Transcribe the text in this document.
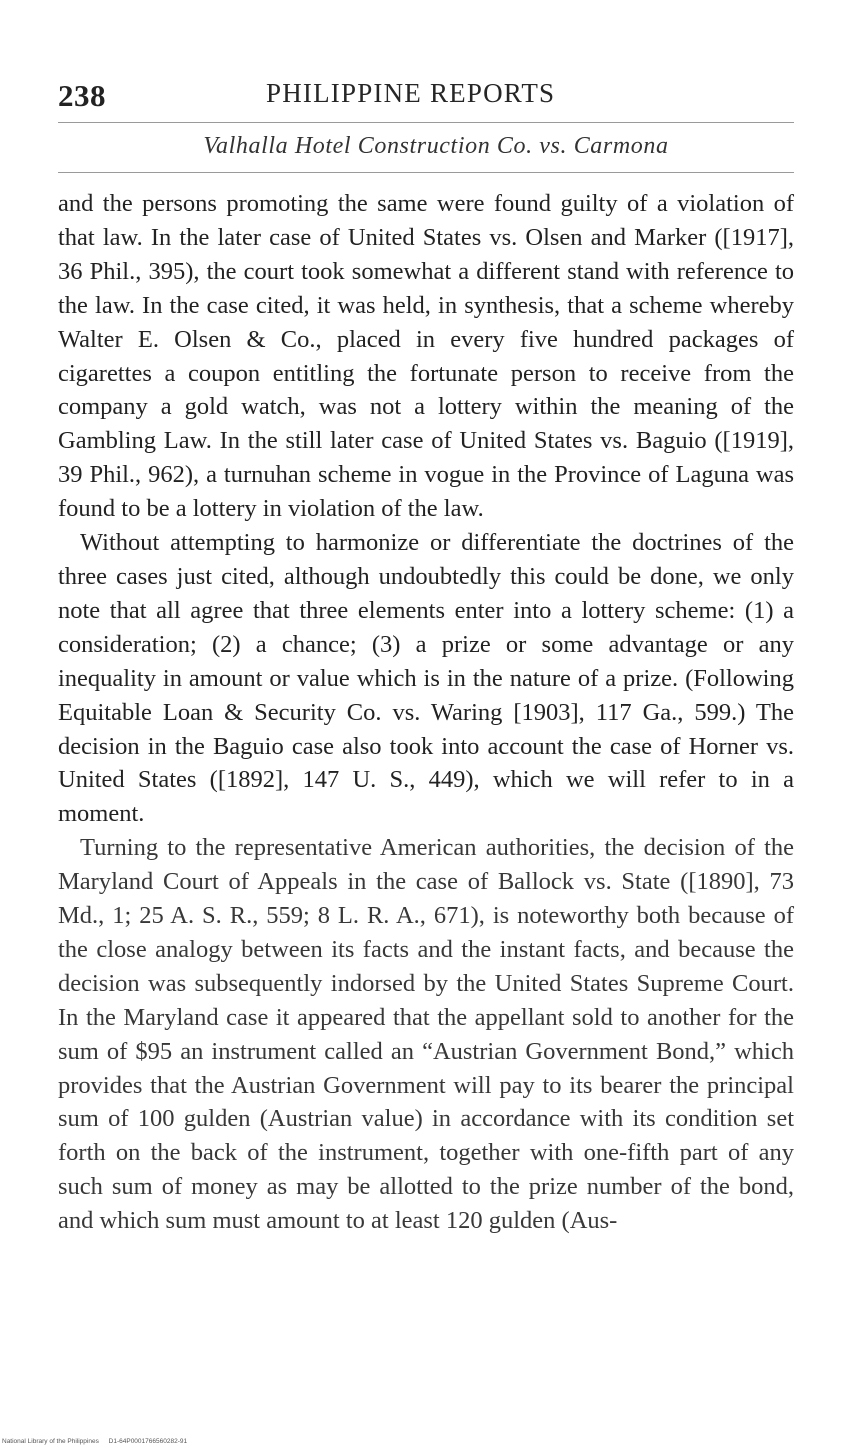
238	PHILIPPINE REPORTS
Valhalla Hotel Construction Co. vs. Carmona

and the persons promoting the same were found guilty of a violation of that law. In the later case of United States vs. Olsen and Marker ([1917], 36 Phil., 395), the court took somewhat a different stand with reference to the law. In the case cited, it was held, in synthesis, that a scheme whereby Walter E. Olsen & Co., placed in every five hundred packages of cigarettes a coupon entitling the fortunate person to receive from the company a gold watch, was not a lottery within the meaning of the Gambling Law. In the still later case of United States vs. Baguio ([1919], 39 Phil., 962), a turnuhan scheme in vogue in the Province of Laguna was found to be a lottery in violation of the law.

Without attempting to harmonize or differentiate the doctrines of the three cases just cited, although undoubtedly this could be done, we only note that all agree that three elements enter into a lottery scheme: (1) a consideration; (2) a chance; (3) a prize or some advantage or any inequality in amount or value which is in the nature of a prize. (Following Equitable Loan & Security Co. vs. Waring [1903], 117 Ga., 599.) The decision in the Baguio case also took into account the case of Horner vs. United States ([1892], 147 U. S., 449), which we will refer to in a moment.

Turning to the representative American authorities, the decision of the Maryland Court of Appeals in the case of Ballock vs. State ([1890], 73 Md., 1; 25 A. S. R., 559; 8 L. R. A., 671), is noteworthy both because of the close analogy between its facts and the instant facts, and because the decision was subsequently indorsed by the United States Supreme Court. In the Maryland case it appeared that the appellant sold to another for the sum of $95 an instrument called an “Austrian Government Bond,” which provides that the Austrian Government will pay to its bearer the principal sum of 100 gulden (Austrian value) in accordance with its condition set forth on the back of the instrument, together with one-fifth part of any such sum of money as may be allotted to the prize number of the bond, and which sum must amount to at least 120 gulden (Aus-

National Library of the Philippines D1-64P0001766560282-91
